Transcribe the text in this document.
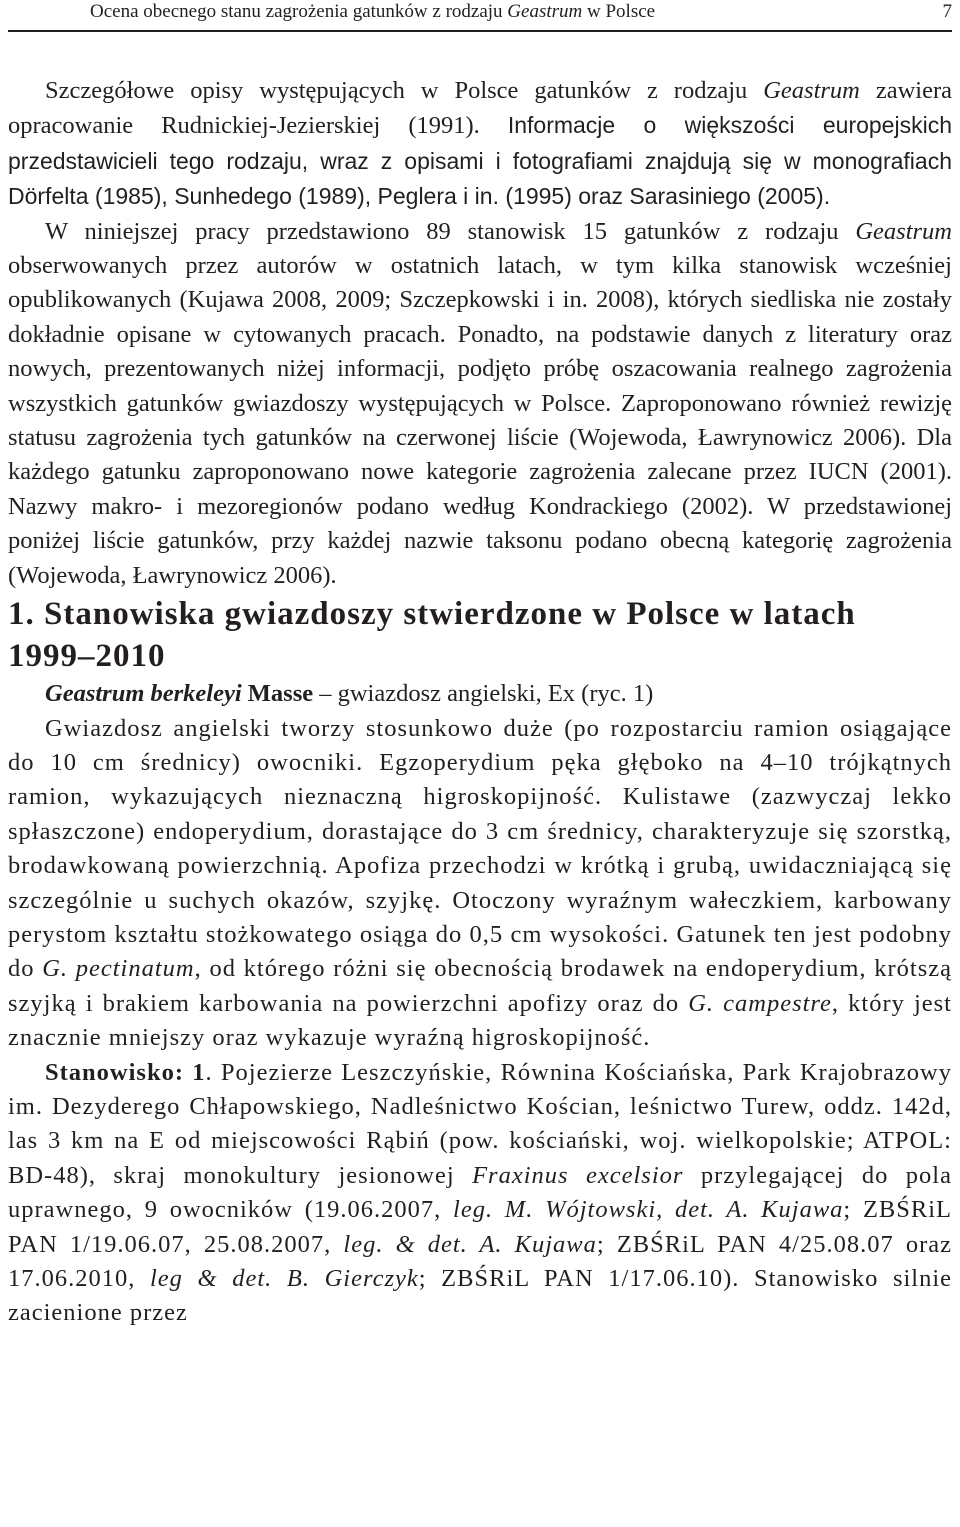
Ocena obecnego stanu zagrożenia gatunków z rodzaju Geastrum w Polsce	7

Szczegółowe opisy występujących w Polsce gatunków z rodzaju Geastrum zawiera opracowanie Rudnickiej-Jezierskiej (1991). Informacje o większości europejskich przedstawicieli tego rodzaju, wraz z opisami i fotografiami znajdują się w monografiach Dörfelta (1985), Sunhedego (1989), Peglera i in. (1995) oraz Sarasiniego (2005).

W niniejszej pracy przedstawiono 89 stanowisk 15 gatunków z rodzaju Geastrum obserwowanych przez autorów w ostatnich latach, w tym kilka stanowisk wcześniej opublikowanych (Kujawa 2008, 2009; Szczepkowski i in. 2008), których siedliska nie zostały dokładnie opisane w cytowanych pracach. Ponadto, na podstawie danych z literatury oraz nowych, prezentowanych niżej informacji, podjęto próbę oszacowania realnego zagrożenia wszystkich gatunków gwiazdoszy występujących w Polsce. Zaproponowano również rewizję statusu zagrożenia tych gatunków na czerwonej liście (Wojewoda, Ławrynowicz 2006). Dla każdego gatunku zaproponowano nowe kategorie zagrożenia zalecane przez IUCN (2001). Nazwy makro- i mezoregionów podano według Kondrackiego (2002). W przedstawionej poniżej liście gatunków, przy każdej nazwie taksonu podano obecną kategorię zagrożenia (Wojewoda, Ławrynowicz 2006).

1. Stanowiska gwiazdoszy stwierdzone w Polsce w latach 1999–2010

Geastrum berkeleyi Masse – gwiazdosz angielski, Ex (ryc. 1)

Gwiazdosz angielski tworzy stosunkowo duże (po rozpostarciu ramion osiągające do 10 cm średnicy) owocniki. Egzoperydium pęka głęboko na 4–10 trójkątnych ramion, wykazujących nieznaczną higroskopijność. Kulistawe (zazwyczaj lekko spłaszczone) endoperydium, dorastające do 3 cm średnicy, charakteryzuje się szorstką, brodawkowaną powierzchnią. Apofiza przechodzi w krótką i grubą, uwidaczniającą się szczególnie u suchych okazów, szyjkę. Otoczony wyraźnym wałeczkiem, karbowany perystom kształtu stożkowatego osiąga do 0,5 cm wysokości. Gatunek ten jest podobny do G. pectinatum, od którego różni się obecnością brodawek na endoperydium, krótszą szyjką i brakiem karbowania na powierzchni apofizy oraz do G. campestre, który jest znacznie mniejszy oraz wykazuje wyraźną higroskopijność.

Stanowisko: 1. Pojezierze Leszczyńskie, Równina Kościańska, Park Krajobrazowy im. Dezyderego Chłapowskiego, Nadleśnictwo Kościan, leśnictwo Turew, oddz. 142d, las 3 km na E od miejscowości Rąbiń (pow. kościański, woj. wielkopolskie; ATPOL: BD-48), skraj monokultury jesionowej Fraxinus excelsior przylegającej do pola uprawnego, 9 owocników (19.06.2007, leg. M. Wójtowski, det. A. Kujawa; ZBŚRiL PAN 1/19.06.07, 25.08.2007, leg. & det. A. Kujawa; ZBŚRiL PAN 4/25.08.07 oraz 17.06.2010, leg & det. B. Gierczyk; ZBŚRiL PAN 1/17.06.10). Stanowisko silnie zacienione przez
